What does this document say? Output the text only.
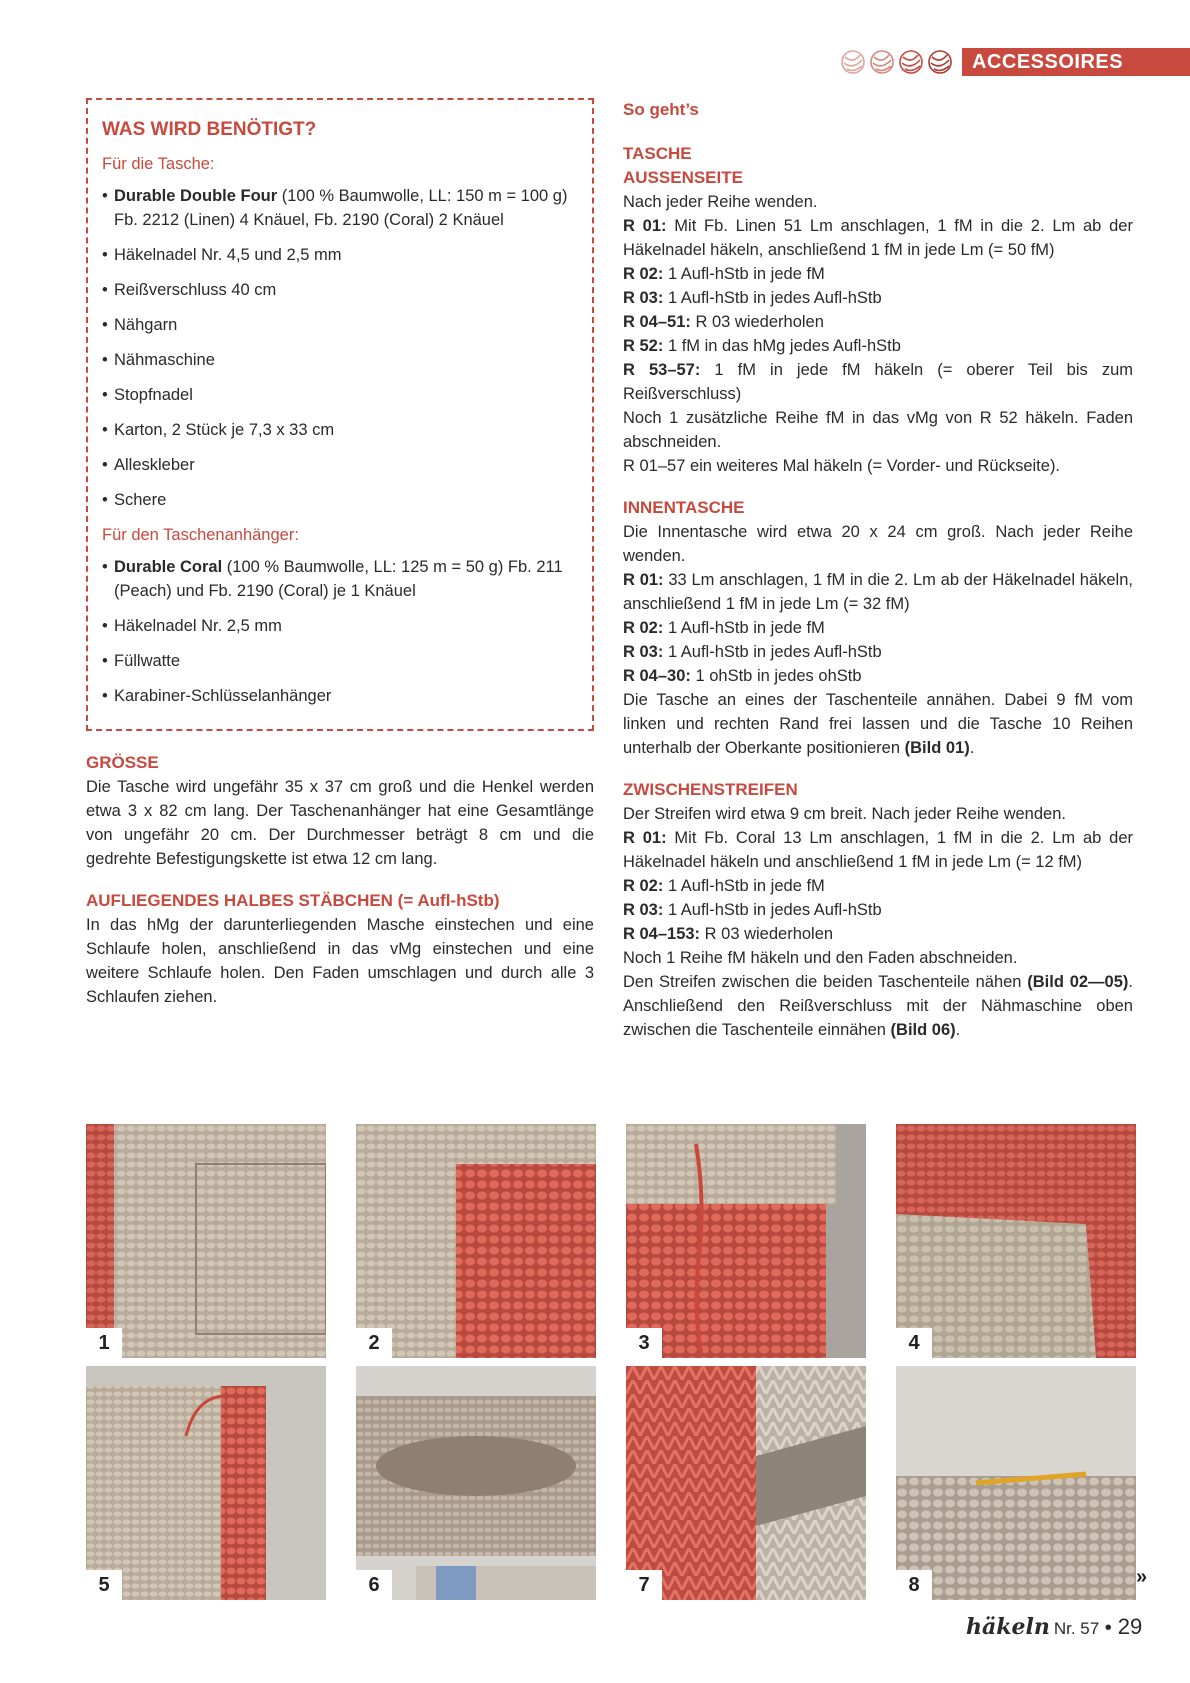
ACCESSOIRES
WAS WIRD BENÖTIGT?
Für die Tasche:
• Durable Double Four (100 % Baumwolle, LL: 150 m = 100 g) Fb. 2212 (Linen) 4 Knäuel, Fb. 2190 (Coral) 2 Knäuel
• Häkelnadel Nr. 4,5 und 2,5 mm
• Reißverschluss 40 cm
• Nähgarn
• Nähmaschine
• Stopfnadel
• Karton, 2 Stück je 7,3 x 33 cm
• Alleskleber
• Schere
Für den Taschenanhänger:
• Durable Coral (100 % Baumwolle, LL: 125 m = 50 g) Fb. 211 (Peach) und Fb. 2190 (Coral) je 1 Knäuel
• Häkelnadel Nr. 2,5 mm
• Füllwatte
• Karabiner-Schlüsselanhänger
GRÖSSE

Die Tasche wird ungefähr 35 x 37 cm groß und die Henkel werden etwa 3 x 82 cm lang. Der Taschenanhänger hat eine Gesamtlänge von ungefähr 20 cm. Der Durchmesser beträgt 8 cm und die gedrehte Befestigungskette ist etwa 12 cm lang.

AUFLIEGENDES HALBES STÄBCHEN (= Aufl-hStb)

In das hMg der darunterliegenden Masche einstechen und eine Schlaufe holen, anschließend in das vMg einstechen und eine weitere Schlaufe holen. Den Faden umschlagen und durch alle 3 Schlaufen ziehen.

So geht’s
TASCHE
AUSSENSEITE

Nach jeder Reihe wenden.

R 01: Mit Fb. Linen 51 Lm anschlagen, 1 fM in die 2. Lm ab der Häkelnadel häkeln, anschließend 1 fM in jede Lm (= 50 fM)

R 02: 1 Aufl-hStb in jede fM

R 03: 1 Aufl-hStb in jedes Aufl-hStb

R 04–51: R 03 wiederholen

R 52: 1 fM in das hMg jedes Aufl-hStb

R 53–57: 1 fM in jede fM häkeln (= oberer Teil bis zum Reißverschluss)

Noch 1 zusätzliche Reihe fM in das vMg von R 52 häkeln. Faden abschneiden.

R 01–57 ein weiteres Mal häkeln (= Vorder- und Rückseite).

INNENTASCHE

Die Innentasche wird etwa 20 x 24 cm groß. Nach jeder Reihe wenden.

R 01: 33 Lm anschlagen, 1 fM in die 2. Lm ab der Häkelnadel häkeln, anschließend 1 fM in jede Lm (= 32 fM)

R 02: 1 Aufl-hStb in jede fM

R 03: 1 Aufl-hStb in jedes Aufl-hStb

R 04–30: 1 ohStb in jedes ohStb

Die Tasche an eines der Taschenteile annähen. Dabei 9 fM vom linken und rechten Rand frei lassen und die Tasche 10 Reihen unterhalb der Oberkante positionieren (Bild 01).

ZWISCHENSTREIFEN

Der Streifen wird etwa 9 cm breit. Nach jeder Reihe wenden.

R 01: Mit Fb. Coral 13 Lm anschlagen, 1 fM in die 2. Lm ab der Häkelnadel häkeln und anschließend 1 fM in jede Lm (= 12 fM)

R 02: 1 Aufl-hStb in jede fM

R 03: 1 Aufl-hStb in jedes Aufl-hStb

R 04–153: R 03 wiederholen

Noch 1 Reihe fM häkeln und den Faden abschneiden.

Den Streifen zwischen die beiden Taschenteile nähen (Bild 02—05). Anschließend den Reißverschluss mit der Nähmaschine oben zwischen die Taschenteile einnähen (Bild 06).

1	2	3	4
5	6	7	8	»
häkeln Nr. 57 • 29
